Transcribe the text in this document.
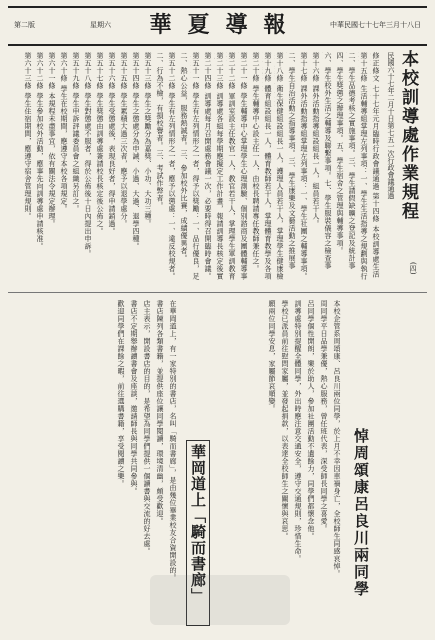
第二版	星期六	華夏導報	中華民國七十七年三月十八日
本校訓導處作業規程
(四)
民國六十七年二月十日第七五一次行政會議通過
修正條文 七十七年元月臨時行政會議通過 第十四條 本校訓導處生活
第十五條 生活輔導組掌理左列事項：一、學生生活指導之規劃與執行
二、學生品德考核之實施事項。三、學生請假缺曠之登記及統計事
四、學生獎懲之辦理事項。五、學生宿舍之管理與輔導事項。
六、學生校外生活之輔導及聯繫事項。七、學生服裝儀容之檢查事
第十六條 課外活動指導組設組長一人，組員若干人。
第十七條 課外活動指導組掌理左列事項：一、學生社團之輔導事項。
二、學生自治活動之指導事項。三、學生康樂及文藝活動之推展事
第十八條 衛生保健組設組長一人，護理人員若干人，掌理學生健康檢
第十九條 體育組設組長一人，體育教師若干人，掌理體育教學及各項
第二十條 學生輔導中心設主任一人，由校長聘請專任教師兼任之。
第二十一條 學生輔導中心掌理學生心理測驗、個別諮商及團體輔導事
第二十二條 軍訓室設主任教官一人，教官若干人，掌理學生軍訓教育
第二十三條 訓導處各組每學期應擬定工作計畫，報請訓導長核定後實
第二十四條 訓導處每月召開處務會議一次，必要時得召開臨時會議。
第五十一條 學生有左列情形之一者，得予以獎勵：一、品行優良，足
二、熱心公益，服務熱誠者。三、參加校外比賽，成績優異者。
第五十二條 學生有左列情形之一者，應予以懲處：一、違反校規者。
二、行為不檢，有損校譽者。三、考試作弊者。
第五十三條 學生之獎勵分為嘉獎、小功、大功三種。
第五十四條 學生之懲處分為申誡、小過、大過、退學四種。
第五十五條 學生累積大過三次者，應予以退學處分。
第五十六條 學生受懲處後，表現良好者，得申請銷過。
第五十七條 學生獎懲由訓導處簽請校長核定後公佈之。
第五十八條 學生對懲處不服者，得於公佈後十日內提出申訴。
第五十九條 學生申訴評議委員會之組織另訂之。
第六十條 學生在校期間，應遵守本校各項規定。
第六十一條 本規程未盡事宜，依有關法令規定辦理。
第六十二條 學生參加校外活動，應事先向訓導處申請核准。
第六十三條 學生住宿期間，應遵守宿舍管理規則。
悼周頌康呂良川兩同學
本校企管系周頌康、呂良川兩位同學，於上月不幸因車禍身亡，全校師生同感哀悼。
周同學平日品學兼優，熱心服務，曾任班代表，深受師長同學之喜愛。
呂同學個性開朗，樂於助人，參加社團活動不遺餘力，同學們都懷念他。
訓導處特別提醒全體同學，外出時應注意交通安全，遵守交通規則，珍惜生命。
學校已派員前往慰問家屬，並發起捐款，以表達全校師生之關懷與哀思。
願兩位同學安息，家屬節哀順變。
華岡道上「騎而書廊」
在華岡道上，有一家特別的書店，名叫「騎而書廊」，是由幾位畢業校友合資開設的。
書店陳列各類書籍，並提供座位讓同學閱讀，環境清幽，頗受歡迎。
店主表示，開設書店的目的，是希望為同學們提供一個讀書與交流的好去處。
書店不定期舉辦讀書會及座談，邀請師長與同學共同參與。
歡迎同學們在課餘之暇，前往選購書籍，享受閱讀之樂。
